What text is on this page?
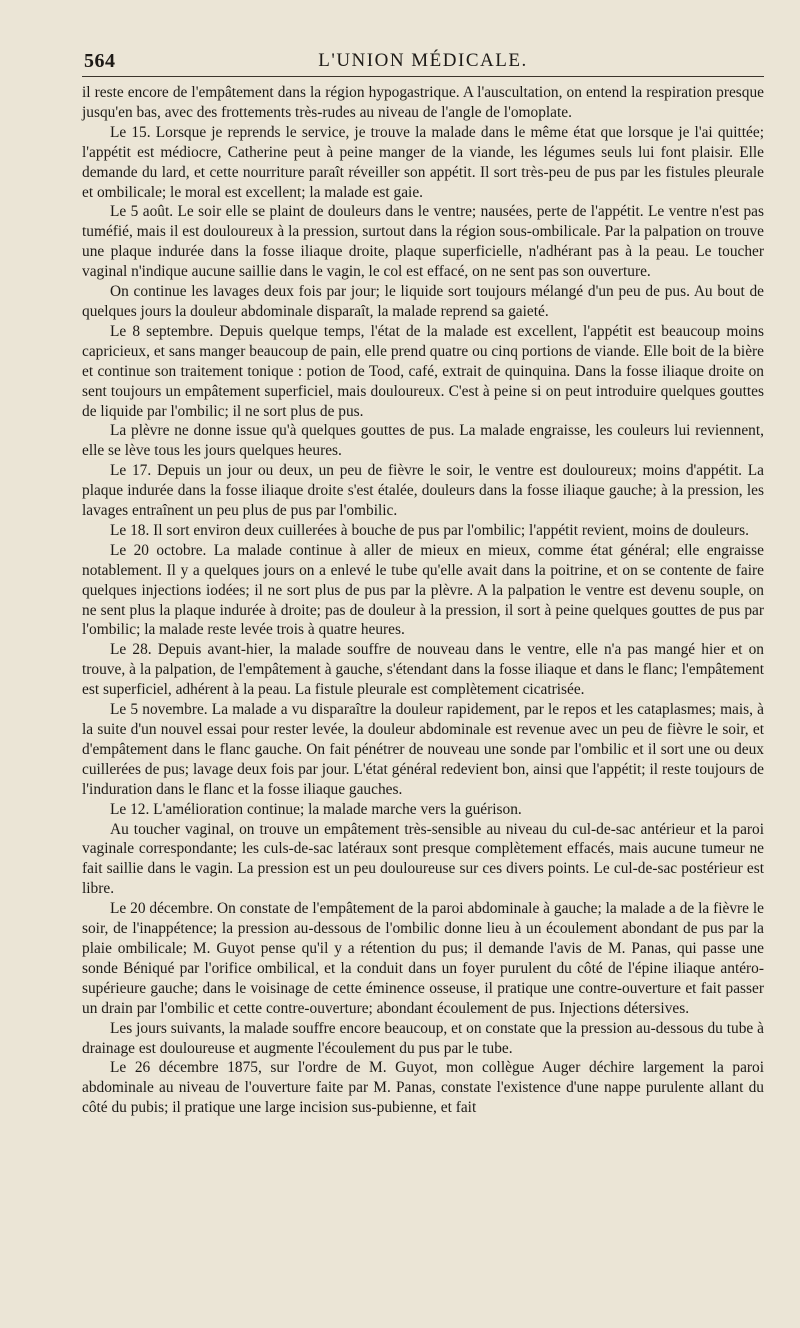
564	L'UNION MÉDICALE.

il reste encore de l'empâtement dans la région hypogastrique. A l'auscultation, on entend la respiration presque jusqu'en bas, avec des frottements très-rudes au niveau de l'angle de l'omoplate.

Le 15. Lorsque je reprends le service, je trouve la malade dans le même état que lorsque je l'ai quittée; l'appétit est médiocre, Catherine peut à peine manger de la viande, les légumes seuls lui font plaisir. Elle demande du lard, et cette nourriture paraît réveiller son appétit. Il sort très-peu de pus par les fistules pleurale et ombilicale; le moral est excellent; la malade est gaie.

Le 5 août. Le soir elle se plaint de douleurs dans le ventre; nausées, perte de l'appétit. Le ventre n'est pas tuméfié, mais il est douloureux à la pression, surtout dans la région sous-ombilicale. Par la palpation on trouve une plaque indurée dans la fosse iliaque droite, plaque superficielle, n'adhérant pas à la peau. Le toucher vaginal n'indique aucune saillie dans le vagin, le col est effacé, on ne sent pas son ouverture.

On continue les lavages deux fois par jour; le liquide sort toujours mélangé d'un peu de pus. Au bout de quelques jours la douleur abdominale disparaît, la malade reprend sa gaieté.

Le 8 septembre. Depuis quelque temps, l'état de la malade est excellent, l'appétit est beaucoup moins capricieux, et sans manger beaucoup de pain, elle prend quatre ou cinq portions de viande. Elle boit de la bière et continue son traitement tonique : potion de Tood, café, extrait de quinquina. Dans la fosse iliaque droite on sent toujours un empâtement superficiel, mais douloureux. C'est à peine si on peut introduire quelques gouttes de liquide par l'ombilic; il ne sort plus de pus.

La plèvre ne donne issue qu'à quelques gouttes de pus. La malade engraisse, les couleurs lui reviennent, elle se lève tous les jours quelques heures.

Le 17. Depuis un jour ou deux, un peu de fièvre le soir, le ventre est douloureux; moins d'appétit. La plaque indurée dans la fosse iliaque droite s'est étalée, douleurs dans la fosse iliaque gauche; à la pression, les lavages entraînent un peu plus de pus par l'ombilic.

Le 18. Il sort environ deux cuillerées à bouche de pus par l'ombilic; l'appétit revient, moins de douleurs.

Le 20 octobre. La malade continue à aller de mieux en mieux, comme état général; elle engraisse notablement. Il y a quelques jours on a enlevé le tube qu'elle avait dans la poitrine, et on se contente de faire quelques injections iodées; il ne sort plus de pus par la plèvre. A la palpation le ventre est devenu souple, on ne sent plus la plaque indurée à droite; pas de douleur à la pression, il sort à peine quelques gouttes de pus par l'ombilic; la malade reste levée trois à quatre heures.

Le 28. Depuis avant-hier, la malade souffre de nouveau dans le ventre, elle n'a pas mangé hier et on trouve, à la palpation, de l'empâtement à gauche, s'étendant dans la fosse iliaque et dans le flanc; l'empâtement est superficiel, adhérent à la peau. La fistule pleurale est complètement cicatrisée.

Le 5 novembre. La malade a vu disparaître la douleur rapidement, par le repos et les cataplasmes; mais, à la suite d'un nouvel essai pour rester levée, la douleur abdominale est revenue avec un peu de fièvre le soir, et d'empâtement dans le flanc gauche. On fait pénétrer de nouveau une sonde par l'ombilic et il sort une ou deux cuillerées de pus; lavage deux fois par jour. L'état général redevient bon, ainsi que l'appétit; il reste toujours de l'induration dans le flanc et la fosse iliaque gauches.

Le 12. L'amélioration continue; la malade marche vers la guérison.

Au toucher vaginal, on trouve un empâtement très-sensible au niveau du cul-de-sac antérieur et la paroi vaginale correspondante; les culs-de-sac latéraux sont presque complètement effacés, mais aucune tumeur ne fait saillie dans le vagin. La pression est un peu douloureuse sur ces divers points. Le cul-de-sac postérieur est libre.

Le 20 décembre. On constate de l'empâtement de la paroi abdominale à gauche; la malade a de la fièvre le soir, de l'inappétence; la pression au-dessous de l'ombilic donne lieu à un écoulement abondant de pus par la plaie ombilicale; M. Guyot pense qu'il y a rétention du pus; il demande l'avis de M. Panas, qui passe une sonde Béniqué par l'orifice ombilical, et la conduit dans un foyer purulent du côté de l'épine iliaque antéro-supérieure gauche; dans le voisinage de cette éminence osseuse, il pratique une contre-ouverture et fait passer un drain par l'ombilic et cette contre-ouverture; abondant écoulement de pus. Injections détersives.

Les jours suivants, la malade souffre encore beaucoup, et on constate que la pression au-dessous du tube à drainage est douloureuse et augmente l'écoulement du pus par le tube.

Le 26 décembre 1875, sur l'ordre de M. Guyot, mon collègue Auger déchire largement la paroi abdominale au niveau de l'ouverture faite par M. Panas, constate l'existence d'une nappe purulente allant du côté du pubis; il pratique une large incision sus-pubienne, et fait
